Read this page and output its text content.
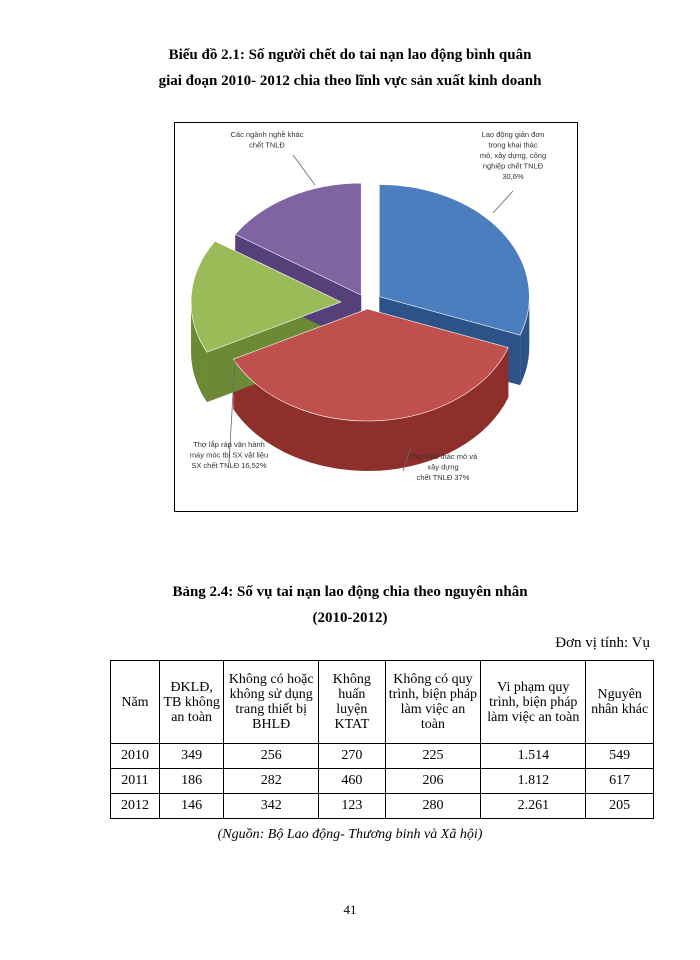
Biểu đồ 2.1: Số người chết do tai nạn lao động bình quân
giai đoạn 2010- 2012 chia theo lĩnh vực sản xuất kinh doanh
Lao động giản đơn trong khai thác mỏ, xây dựng, công nghiệp chết TNLĐ 30,6%
Thợ khai thác mỏ và xây dựng chết TNLĐ 37%
Thợ lắp ráp vận hành máy móc tbi SX vật liệu SX chết TNLĐ 16,52%
Các ngành nghề khác chết TNLĐ
Bảng 2.4: Số vụ tai nạn lao động chia theo nguyên nhân
(2010-2012)
Đơn vị tính: Vụ
Năm	ĐKLĐ, TB không an toàn	Không có hoặc không sử dụng trang thiết bị BHLĐ	Không huấn luyện KTAT	Không có quy trình, biện pháp làm việc an toàn	Vi phạm quy trình, biện pháp làm việc an toàn	Nguyên nhân khác
2010	349	256	270	225	1.514	549
2011	186	282	460	206	1.812	617
2012	146	342	123	280	2.261	205
(Nguồn: Bộ Lao động- Thương binh và Xã hội)
41
